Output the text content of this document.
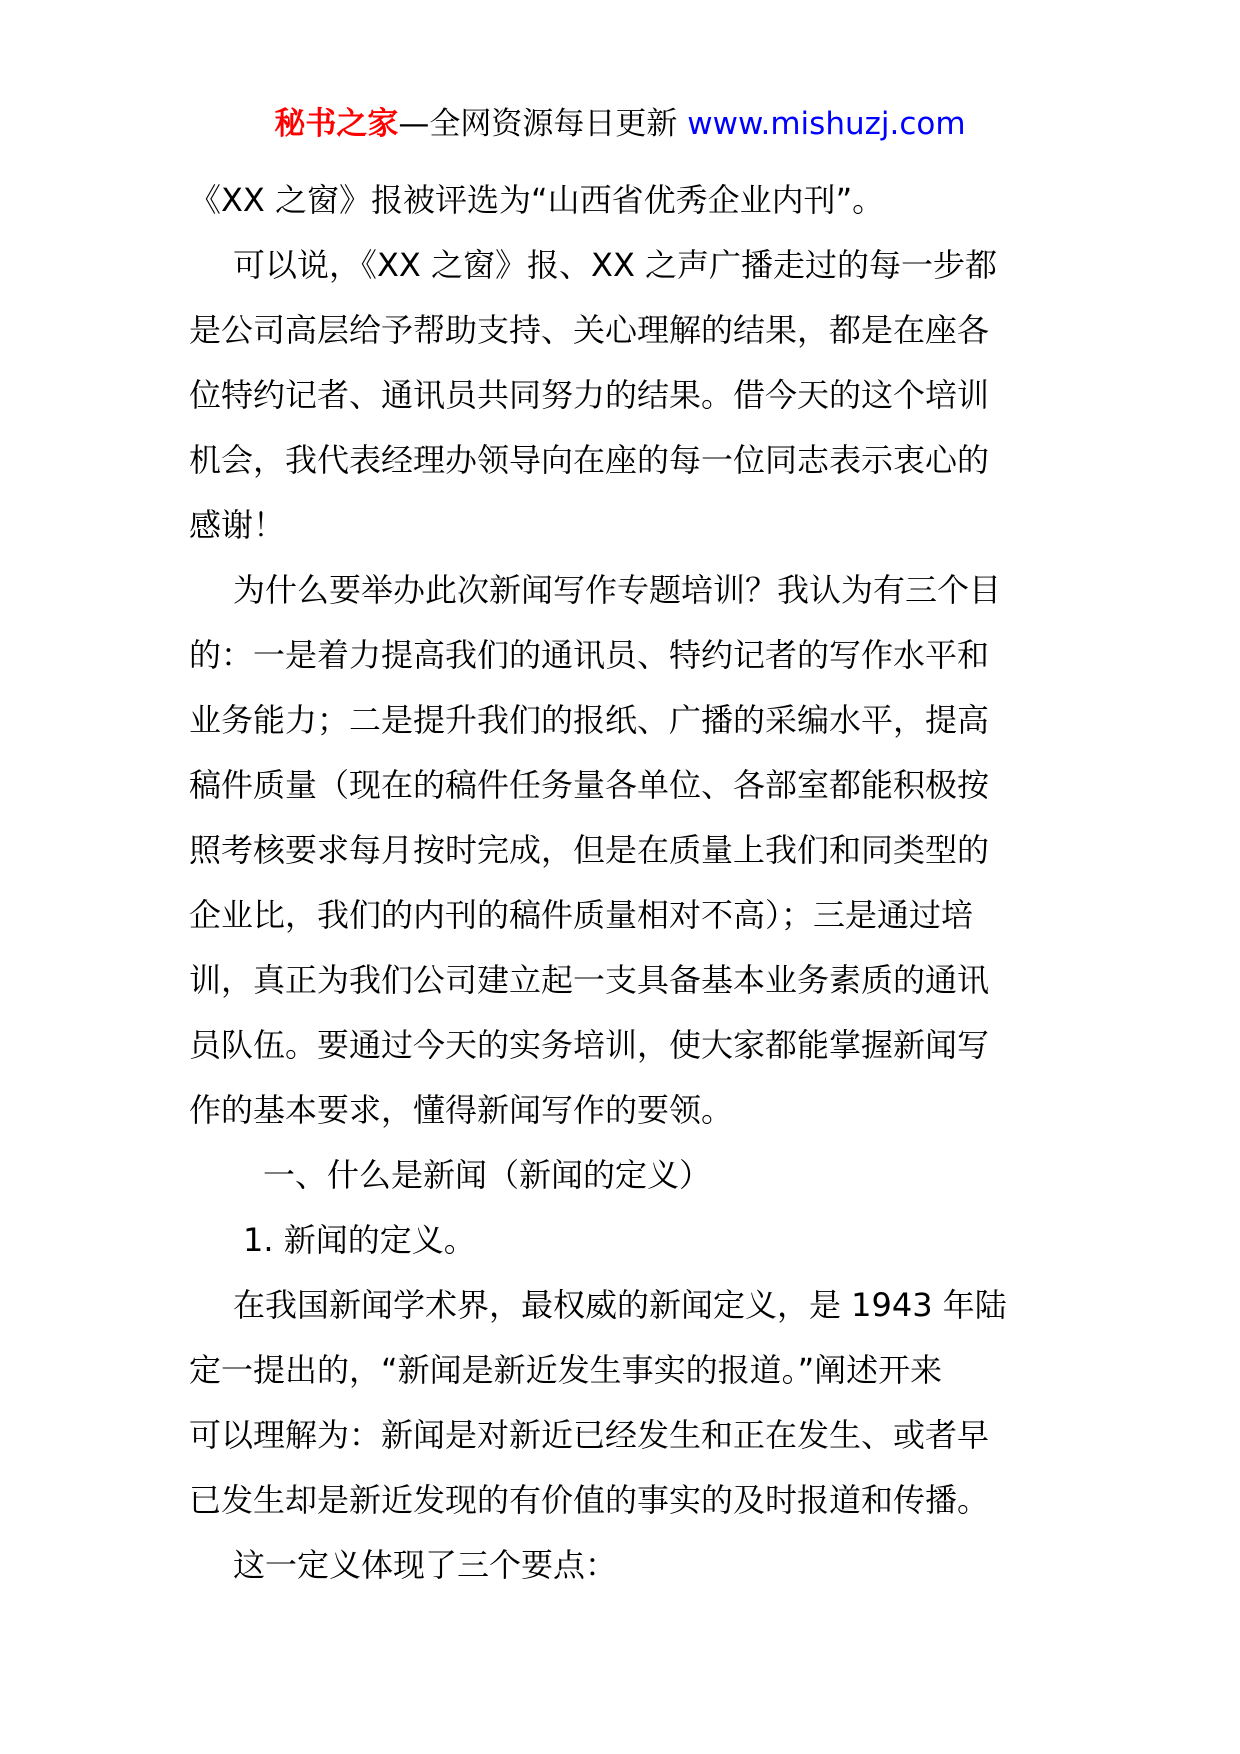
秘书之家—全网资源每日更新 www.mishuzj.com
《XX 之窗》报被评选为“山西省优秀企业内刊”。
可以说，《XX 之窗》报、XX 之声广播走过的每一步都
是公司高层给予帮助支持、关心理解的结果，都是在座各
位特约记者、通讯员共同努力的结果。借今天的这个培训
机会，我代表经理办领导向在座的每一位同志表示衷心的
感谢！
为什么要举办此次新闻写作专题培训？我认为有三个目
的：一是着力提高我们的通讯员、特约记者的写作水平和
业务能力；二是提升我们的报纸、广播的采编水平，提高
稿件质量（现在的稿件任务量各单位、各部室都能积极按
照考核要求每月按时完成，但是在质量上我们和同类型的
企业比，我们的内刊的稿件质量相对不高）；三是通过培
训，真正为我们公司建立起一支具备基本业务素质的通讯
员队伍。要通过今天的实务培训，使大家都能掌握新闻写
作的基本要求，懂得新闻写作的要领。
一、什么是新闻（新闻的定义）
1. 新闻的定义。
在我国新闻学术界，最权威的新闻定义，是 1943 年陆
定一提出的，“新闻是新近发生事实的报道。”阐述开来
可以理解为：新闻是对新近已经发生和正在发生、或者早
已发生却是新近发现的有价值的事实的及时报道和传播。
这一定义体现了三个要点：
